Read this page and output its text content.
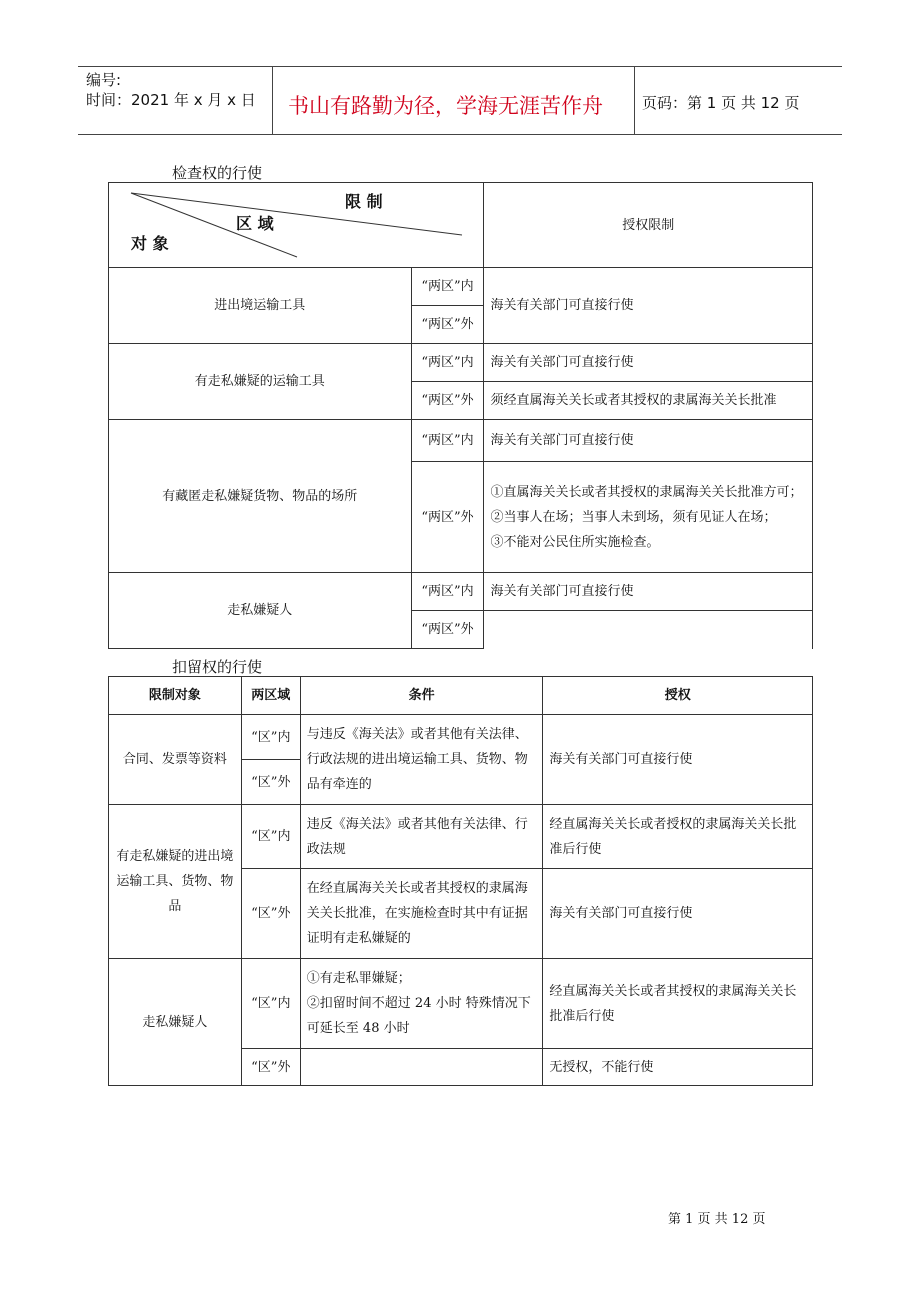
编号:
时间：2021 年 x 月 x 日 书山有路勤为径，学海无涯苦作舟	页码：第 1 页 共 12 页
检查权的行使
限 制
区 域
对 象		授权限制
进出境运输工具	“两区”内	海关有关部门可直接行使
	“两区”外	
有走私嫌疑的运输工具	“两区”内	海关有关部门可直接行使
	“两区”外	须经直属海关关长或者其授权的隶属海关关长批准
有藏匿走私嫌疑货物、物品的场所	“两区”内	海关有关部门可直接行使
	“两区”外	①直属海关关长或者其授权的隶属海关关长批准方可；
②当事人在场；当事人未到场，须有见证人在场；
③不能对公民住所实施检查。

走私嫌疑人	“两区”内	海关有关部门可直接行使
	“两区”外	
扣留权的行使
限制对象	两区域	条件	授权
合同、发票等资料	“区”内	与违反《海关法》或者其他有关法律、行政法规的进出境运输工具、货物、物品有牵连的	海关有关部门可直接行使
	“区”外		
有走私嫌疑的进出境运输工具、货物、物品	“区”内	违反《海关法》或者其他有关法律、行政法规	经直属海关关长或者授权的隶属海关关长批准后行使
	“区”外	在经直属海关关长或者其授权的隶属海关关长批准，在实施检查时其中有证据证明有走私嫌疑的	海关有关部门可直接行使
走私嫌疑人	“区”内	①有走私罪嫌疑；
②扣留时间不超过 24 小时 特殊情况下可延长至 48 小时	经直属海关关长或者其授权的隶属海关关长批准后行使
	“区”外		无授权，不能行使
第 1 页 共 12 页
